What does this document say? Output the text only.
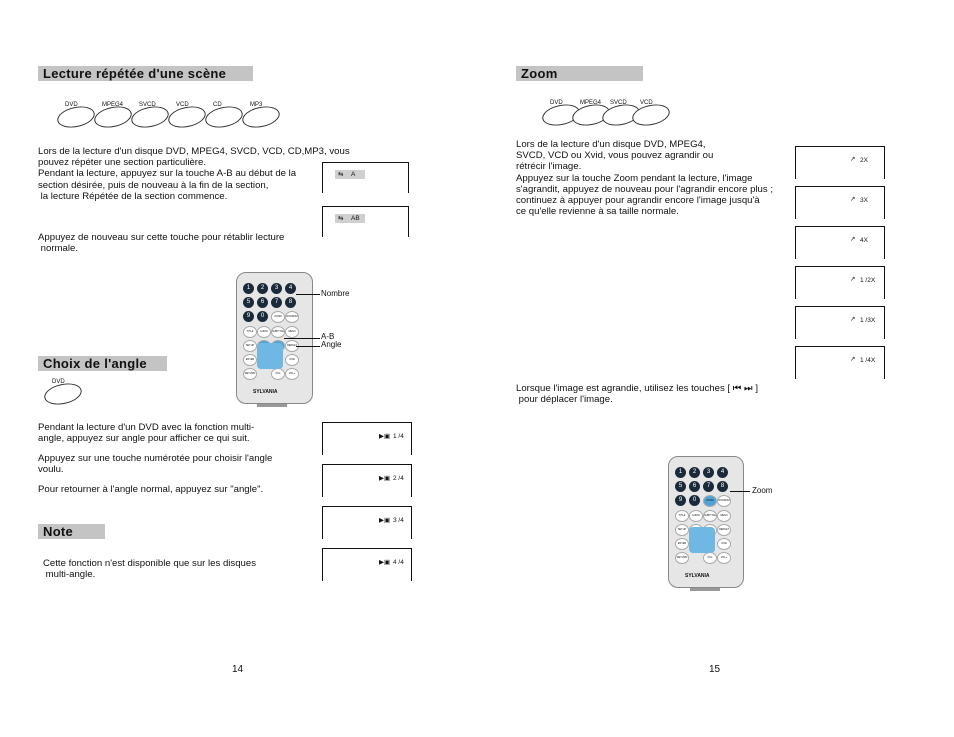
Lecture répétée d'une scène
DVD	MPEG4	SVCD	VCD	CD	MP3
Lors de la lecture d'un disque DVD, MPEG4, SVCD, VCD, CD,MP3, vous
pouvez répéter une section particulière.
Pendant la lecture, appuyez sur la touche A-B au début de la
section désirée, puis de nouveau à la fin de la section,
la lecture Répétée de la section commence.
⇆ A
⇆ AB
Appuyez de nouveau sur cette touche pour rétablir lecture
normale.
1	2	3	4
5	6	7	8
9	0	ZOOM	RANDOM
TITLE	AUDIO	SUBTITLE	MENU
SETUP
ENTER
REPEAT
OSD
RETURN	VOL-	VOL+
SYLVANIA
Nombre
A-B
Angle
Choix de l'angle
DVD
Pendant la lecture d'un DVD avec la fonction multi-
angle, appuyez sur angle pour afficher ce qui suit.
Appuyez sur une touche numérotée pour choisir l'angle
voulu.
Pour retourner à l'angle normal, appuyez sur "angle".
▶▣ 1 /4
▶▣ 2 /4
▶▣ 3 /4
▶▣ 4 /4
Note
Cette fonction n'est disponible que sur les disques
multi-angle.
14
Zoom
DVD	MPEG4 SVCD VCD
Lors de la lecture d'un disque DVD, MPEG4,
SVCD, VCD ou Xvid, vous pouvez agrandir ou
rétrécir l'image.
Appuyez sur la touche Zoom pendant la lecture, l'image
s'agrandit, appuyez de nouveau pour l'agrandir encore plus ;
continuez à appuyer pour agrandir encore l'image jusqu'à
ce qu'elle revienne à sa taille normale.
↗ 2X
↗ 3X
↗ 4X
↗ 1 /2X
↗ 1 /3X
↗ 1 /4X
Lorsque l'image est agrandie, utilisez les touches [ ⏮ ⏭ ]
pour déplacer l'image.
1	2	3	4
5	6	7	8
9	0	ZOOM	RANDOM
TITLE	AUDIO	SUBTITLE	MENU
SETUP
ENTER
REPEAT
OSD
RETURN	VOL-	VOL+
SYLVANIA
Zoom
15
